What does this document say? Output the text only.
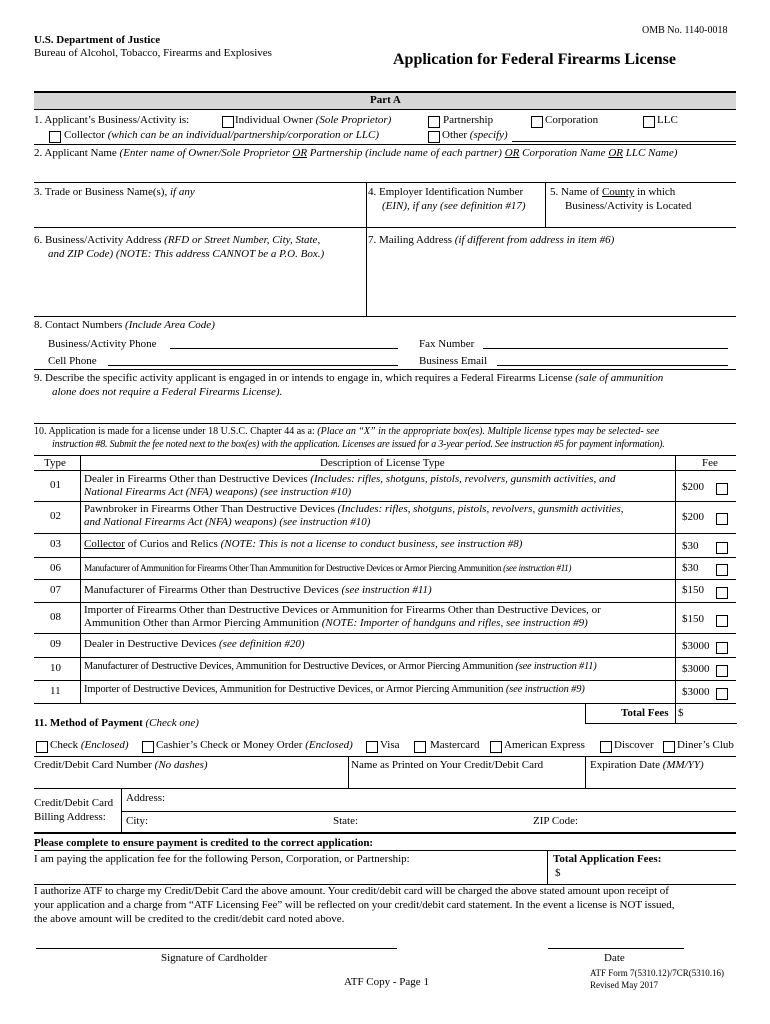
OMB No. 1140-0018
U.S. Department of Justice
Bureau of Alcohol, Tobacco, Firearms and Explosives	Application for Federal Firearms License
Part A
1. Applicant’s Business/Activity is:	Individual Owner (Sole Proprietor)	Partnership	Corporation	LLC
Collector (which can be an individual/partnership/corporation or LLC)	Other (specify)
2. Applicant Name (Enter name of Owner/Sole Proprietor OR Partnership (include name of each partner) OR Corporation Name OR LLC Name)
3. Trade or Business Name(s), if any	4. Employer Identification Number
(EIN), if any (see definition #17)
5. Name of County in which
Business/Activity is Located
6. Business/Activity Address (RFD or Street Number, City, State,
and ZIP Code) (NOTE: This address CANNOT be a P.O. Box.)
7. Mailing Address (if different from address in item #6)
8. Contact Numbers (Include Area Code)
Business/Activity Phone	Fax Number
Cell Phone	Business Email
9. Describe the specific activity applicant is engaged in or intends to engage in, which requires a Federal Firearms License (sale of ammunition
alone does not require a Federal Firearms License).
10. Application is made for a license under 18 U.S.C. Chapter 44 as a: (Place an “X” in the appropriate box(es). Multiple license types may be selected- see
instruction #8. Submit the fee noted next to the box(es) with the application. Licenses are issued for a 3-year period. See instruction #5 for payment information).
Type	Description of License Type	Fee
01 Dealer in Firearms Other than Destructive Devices (Includes: rifles, shotguns, pistols, revolvers, gunsmith activities, and
National Firearms Act (NFA) weapons) (see instruction #10)	$200
02
Pawnbroker in Firearms Other Than Destructive Devices (Includes: rifles, shotguns, pistols, revolvers, gunsmith activities,
and National Firearms Act (NFA) weapons) (see instruction #10)	$200
03 Collector of Curios and Relics (NOTE: This is not a license to conduct business, see instruction #8)	$30
06	Manufacturer of Ammunition for Firearms Other Than Ammunition for Destructive Devices or Armor Piercing Ammunition (see instruction #11)	$30
07 Manufacturer of Firearms Other than Destructive Devices (see instruction #11)	$150
08
Importer of Firearms Other than Destructive Devices or Ammunition for Firearms Other than Destructive Devices, or
Ammunition Other than Armor Piercing Ammunition (NOTE: Importer of handguns and rifles, see instruction #9)	$150
09 Dealer in Destructive Devices (see definition #20)	$3000
10 Manufacturer of Destructive Devices, Ammunition for Destructive Devices, or Armor Piercing Ammunition (see instruction #11)	$3000
11 Importer of Destructive Devices, Ammunition for Destructive Devices, or Armor Piercing Ammunition (see instruction #9)	$3000
Total Fees $
11. Method of Payment (Check one)
Check (Enclosed) Cashier’s Check or Money Order (Enclosed) Visa	Mastercard American Express	Discover Diner’s Club
Credit/Debit Card Number (No dashes)	Name as Printed on Your Credit/Debit Card	Expiration Date (MM/YY)
Credit/Debit Card
Billing Address:
Address:
City:	State:	ZIP Code:
Please complete to ensure payment is credited to the correct application:
I am paying the application fee for the following Person, Corporation, or Partnership:	Total Application Fees:
$
I authorize ATF to charge my Credit/Debit Card the above amount. Your credit/debit card will be charged the above stated amount upon receipt of
your application and a charge from “ATF Licensing Fee” will be reflected on your credit/debit card statement. In the event a license is NOT issued,
the above amount will be credited to the credit/debit card noted above.
Signature of Cardholder	Date
ATF Copy - Page 1
ATF Form 7(5310.12)/7CR(5310.16)
Revised May 2017
